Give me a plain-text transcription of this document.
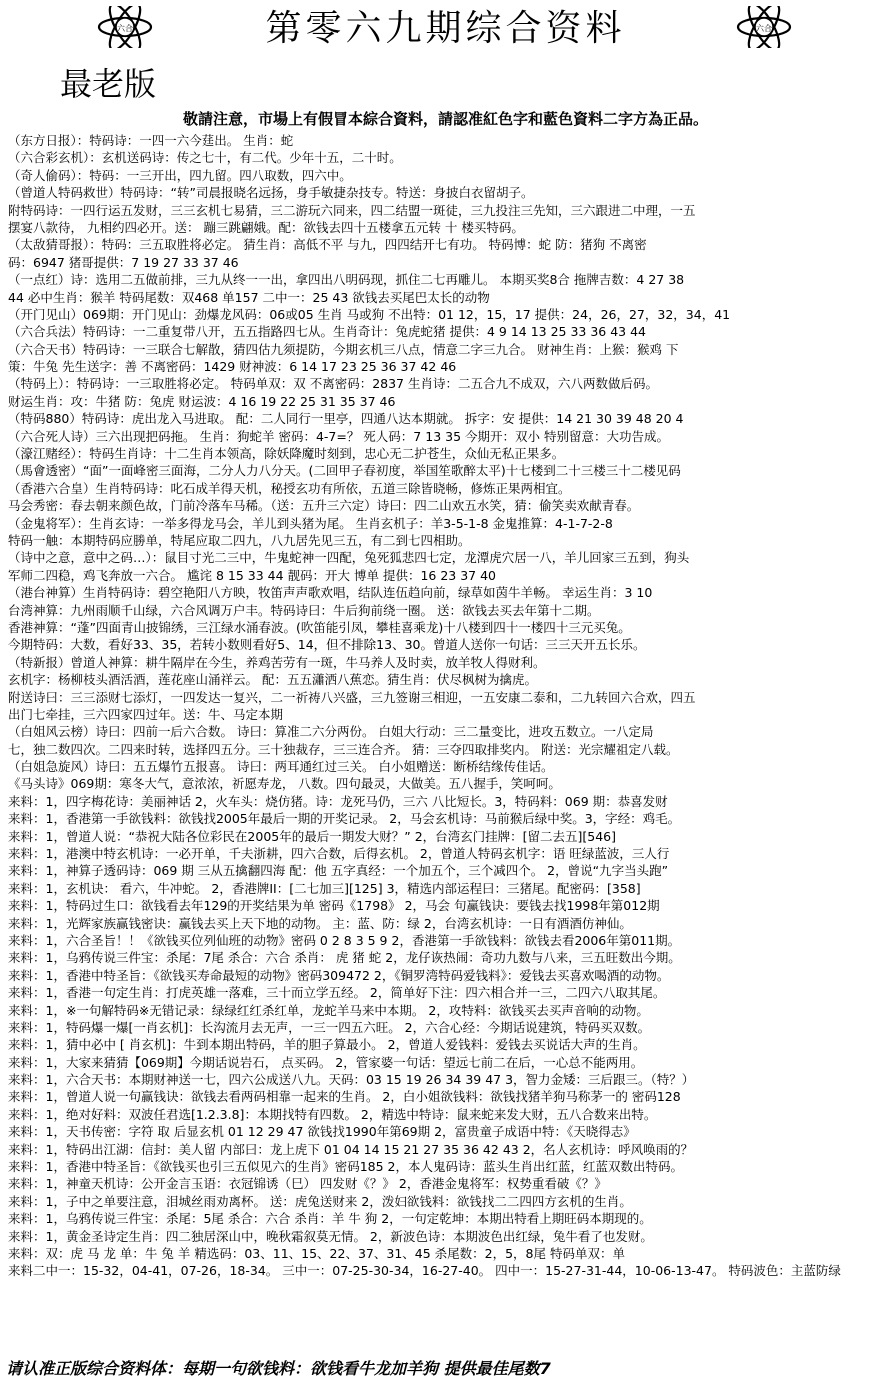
六合	第零六九期综合资料	六合
最老版
敬請注意，市場上有假冒本綜合資料，請認准紅色字和藍色資料二字方為正品。
（东方日报）：特码诗：一四一六今莛出。 生肖：蛇
（六合彩玄机）：玄机送码诗：传之七十，有二代。少年十五，二十时。
（奇人偷码）：特码：一三开出，四九留。四八取数，四六中。
（曾道人特码救世）特码诗：“转”司晨报晓名远扬，身手敏捷杂技专。特送：身披白衣留胡子。
附特码诗：一四行运五发财，三三玄机七易猜，三二游玩六同来，四二结盟一斑徒，三九投注三先知，三六跟进二中理，一五
摆宴八款待， 九相约四必开。送： 蹦三跳翩娥。配：欲钱去四十五楼拿五元转 十 楼买特码。
（太敌猜哥报）：特码：三五取胜将必定。 猜生肖：高低不平 与九，四四结开七有功。 特码博：蛇 防：猪狗 不离密
码：6947 猪哥提供：7 19 27 33 37 46
（一点红）诗：选用二五做前排，三九从终一一出，拿四出八明码现，抓住二七再雕儿。 本期买奖8合 拖牌吉数：4 27 38
44 必中生肖：猴羊 特码尾数：双468 单157 二中一：25 43 欲钱去买尾巴太长的动物
（开门见山）069期：开门见山：劲爆龙风码：06或05 生肖 马或狗 不出特：01 12，15，17 提供：24，26，27，32，34，41
（六合兵法）特码诗：一二重复带八开，五五指路四七从。生肖奇计：兔虎蛇猪 提供：4 9 14 13 25 33 36 43 44
（六合天书）特码诗：一三联合七解散，猜四估九须提防，今期玄机三八点，情意二字三九合。 财神生肖：上猴：猴鸡 下
策：牛兔 先生送字：善 不离密码：1429 财神波：6 14 17 23 25 36 37 42 46
（特码上）：特码诗：一三取胜将必定。 特码单双：双 不离密码：2837 生肖诗：二五合九不成双，六八两数做后码。
财运生肖：攻：牛猪 防：兔虎 财运波：4 16 19 22 25 31 35 37 46
（特码880）特码诗：虎出龙入马进取。 配：二人同行一里亭，四通八达本期就。 拆字：安 提供：14 21 30 39 48 20 4
（六合死人诗）三六出现把码拖。 生肖：狗蛇羊 密码：4-7=？ 死人码：7 13 35 今期开：双小 特别留意：大功告成。
（濠江赌经）：特码生肖诗：十二生肖本领高，除妖降魔时刻到，忠心无二护苍生，众仙无私正果多。
（馬會透密）“面”一面峰密三面海，二分人力八分天。(二回甲子春初度，举国笙歌醉太平)十七楼到二十三楼三十二楼见码
（香港六合皇）生肖特码诗：叱石成羊得天机，秘授玄功有所依，五道三除皆晓畅，修炼正果两相宜。
马会秀密：春去朝来颜色故，门前冷落车马稀。（送：五升三六定）诗曰：四二山欢五水笑，猜：偷笑卖欢献青春。
（金鬼将军）：生肖玄诗：一举多得龙马会，羊儿到头猪为尾。 生肖玄机子：羊3-5-1-8 金鬼推算：4-1-7-2-8
特码一触：本期特码应勝单，特尾应取二四九，八九居先见三五，有二到七四相助。
（诗中之意，意中之码…）：鼠目寸光二三中，牛鬼蛇神一四配，兔死狐悲四七定，龙潭虎穴居一八，羊儿回家三五到，狗头
军师二四稳，鸡飞奔放一六合。 尴诧 8 15 33 44 靓码：开大 博单 提供：16 23 37 40
（港台神算）生肖特码诗：碧空艳阳八方映，牧笛声声歌欢唱，结队连伍趋向前，绿草如茵牛羊畅。 幸运生肖：3 10
台湾神算：九州雨顺千山绿，六合风调万户丰。特码诗曰：牛后狗前绕一圈。 送：欲钱去买去年第十二期。
香港神算：“蓬”四面青山披锦绣，三江绿水涌春波。(吹笛能引凤，攀桂喜乘龙)十八楼到四十一楼四十三元买兔。
今期特码：大数，看好33、35，若转小数则看好5、14，但不排除13、30。曾道人送你一句话：三三天开五长乐。
（特新报）曾道人神算：耕牛隔岸在今生，养鸡苦劳有一斑，牛马养人及时卖，放羊牧人得财利。
玄机字：杨柳枝头酒活酒，莲花座山涌祥云。 配：五五瀟洒八蕉恋。猜生肖：伏尽枫树为擒虎。
附送诗曰：三三添财七添灯，一四发达一复兴，二一祈祷八兴盛，三九签谢三相迎，一五安康二泰和，二九转回六合欢，四五
出门七牵挂，三六四家四过年。送：牛、马定本期
（白姐风云榜）诗曰：四前一后六合数。 诗曰：算准二六分两份。 白姐大行动：三二量变比，进攻五数立。一八定局
七，独二数四次。二四来时转，选择四五分。三十独裁存，三三连合齐。 猜：三夺四取排奖内。 附送：光宗耀祖定八载。
（白姐急旋风）诗曰：五五爆竹五报喜。 诗曰：两耳通红过三关。 白小姐赠送：断桥结缘传佳话。
《马头诗》069期：寒冬大气，意浓浓，祈愿寿龙， 八数。四句最灵，大做美。五八握手，笑呵呵。
来料：1，四字梅花诗：美丽神话 2，火车头：烧仿猪。诗：龙死马仍，三六 八比短长。3，特码料：069 期：恭喜发财
来料：1，香港第一手欲钱料：欲钱找2005年最后一期的开奖记录。 2，马会玄机诗：马前猴后绿中奖。3，字经：鸡毛。
来料：1，曾道人说：“恭祝大陆各位彩民在2005年的最后一期发大财？” 2，台湾玄门挂牌：[留二去五][546]
来料：1，港澳中特玄机诗：一必开单，千夫浙耕，四六合数，后得玄机。 2，曾道人特码玄机字：语 旺绿蓝波，三人行
来料：1，神算子透码诗：069 期 三从五擒翻四海 配：他 五字真经：一个加五个，三个减四个。 2，曾说“九字当头跑”
来料：1，玄机诀： 看六，牛冲蛇。 2，香港牌II：[二七加三][125] 3，精选内部运程曰：三猪尾。配密码：[358]
来料：1，特码过生口：欲钱看去年129的开奖结果为单 密码《1798》 2，马会 句赢钱诀：要钱去找1998年第012期
来料：1，光辉家族赢钱密诀：赢钱去买上天下地的动物。 主：蓝、防：绿 2，台湾玄机诗：一日有酒酒仿神仙。
来料：1，六合圣旨！！《欲钱买位列仙班的动物》密码 0 2 8 3 5 9 2，香港第一手欲钱料：欲钱去看2006年第011期。
来料：1，乌鸦传说三件宝：杀尾：7尾 杀合：六合 杀肖： 虎 猪 蛇 2，龙仔诙热闹：奇功九数与八来，三五旺数出今期。
来料：1，香港中特圣旨：《欲钱买寿命最短的动物》密码309472 2，《铜罗湾特码爱钱料》：爱钱去买喜欢喝酒的动物。
来料：1，香港一句定生肖：打虎英雄一落难，三十而立学五经。 2，简单好下注：四六相合并一三，二四六八取其尾。
来料：1，※一句解特码※无错记录：绿绿红红杀红单，龙蛇羊马来中本期。 2，攻特料：欲钱买去买声音响的动物。
来料：1，特码爆一爆[一肖玄机]：长沟流月去无声，一三一四五六旺。 2，六合心经：今期话说建筑，特码买双数。
来料：1，猜中必中 [ 肖玄机]：牛到本期出特码，羊的胆子算最小。 2，曾道人爱钱料：爱钱去买说话大声的生肖。
来料：1，大家来猜猜【069期】今期话说岩石， 点买码。 2，管家婆一句话：望远七前二在后，一心总不能两用。
来料：1，六合天书：本期财神送一七，四六公成送八九。天码：03 15 19 26 34 39 47 3，智力金矮：三后跟三。（特？）
来料：1，曾道人说一句赢钱诀：欲钱去看两码相靠一起来的生肖。 2，白小姐欲钱料：欲钱找猪羊狗马称茅一的 密码128
来料：1，绝对好料：双波任君选[1.2.3.8]：本期找特有四数。 2，精选中特诗：鼠来蛇来发大财，五八合数来出特。
来料：1，天书传密：字符 取 后显玄机 01 12 29 47 欲钱找1990年第69期 2，富贵童子成语中特：《天晓得志》
来料：1，特码出江湖：信封：美人留 内部曰：龙上虎下 01 04 14 15 21 27 35 36 42 43 2，名人玄机诗：呼风唤雨的？
来料：1，香港中特圣旨：《欲钱买也引三五似见六的生肖》密码185 2，本人鬼码诗：蓝头生肖出红蓝，红蓝双数出特码。
来料：1，神童天机诗：公开金言玉语：衣冠锦诱（巳） 四发财《？》 2，香港金鬼将军：权势重看破《？》
来料：1，子中之单要注意，泪城丝雨劝离杯。 送：虎兔送财来 2，泼妇欲钱料：欲钱找二二四四方玄机的生肖。
来料：1，乌鸦传说三件宝：杀尾：5尾 杀合：六合 杀肖：羊 牛 狗 2，一句定乾坤：本期出特看上期旺码本期现的。
来料：1，黄金圣诗定生肖：四二独居深山中，晚秋霜叙莫无情。 2，新波色诗：本期波色出红绿，兔牛看了也发财。
来料：双：虎 马 龙 单：牛 兔 羊 精选码：03、11、15、22、37、31、45 杀尾数：2，5，8尾 特码单双：单
来料二中一：15-32，04-41，07-26，18-34。 三中一：07-25-30-34，16-27-40。 四中一：15-27-31-44，10-06-13-47。 特码波色：主蓝防绿
请认准正版综合资料体：每期一句欲钱料：欲钱看牛龙加羊狗 提供最佳尾数7
